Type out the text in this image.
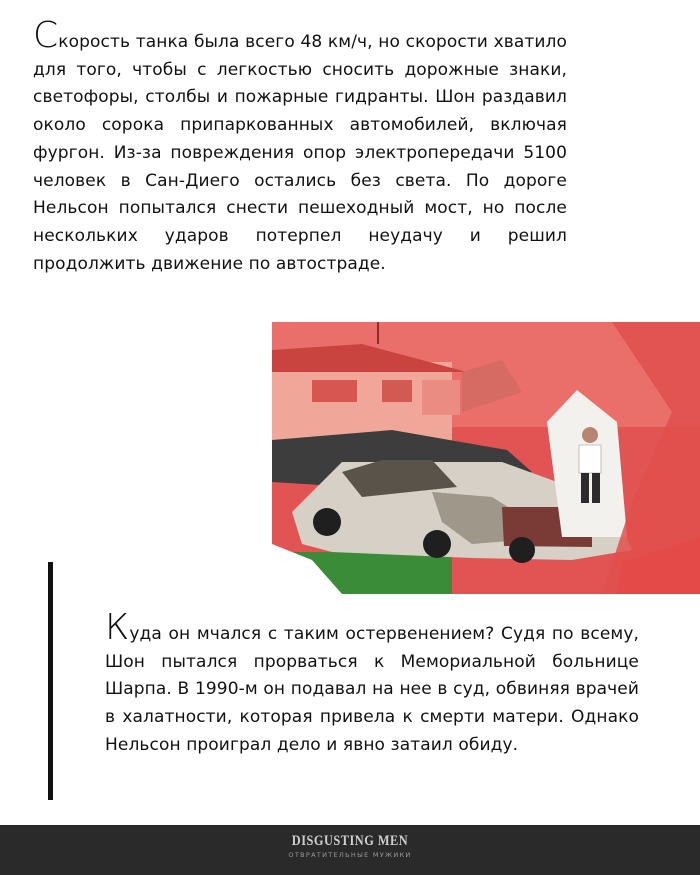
Скорость танка была всего 48 км/ч, но скорости хватило для того, чтобы с легкостью сносить дорожные знаки, светофоры, столбы и пожарные гидранты. Шон раздавил около сорока припаркованных автомобилей, включая фургон. Из-за повреждения опор электропередачи 5100 человек в Сан-Диего остались без света. По дороге Нельсон попытался снести пешеходный мост, но после нескольких ударов потерпел неудачу и решил продолжить движение по автостраде.

Куда он мчался с таким остервенением? Судя по всему, Шон пытался прорваться к Мемориальной больнице Шарпа. В 1990-м он подавал на нее в суд, обвиняя врачей в халатности, которая привела к смерти матери. Однако Нельсон проиграл дело и явно затаил обиду.

DISGUSTING MEN
ОТВРАТИТЕЛЬНЫЕ МУЖИКИ
